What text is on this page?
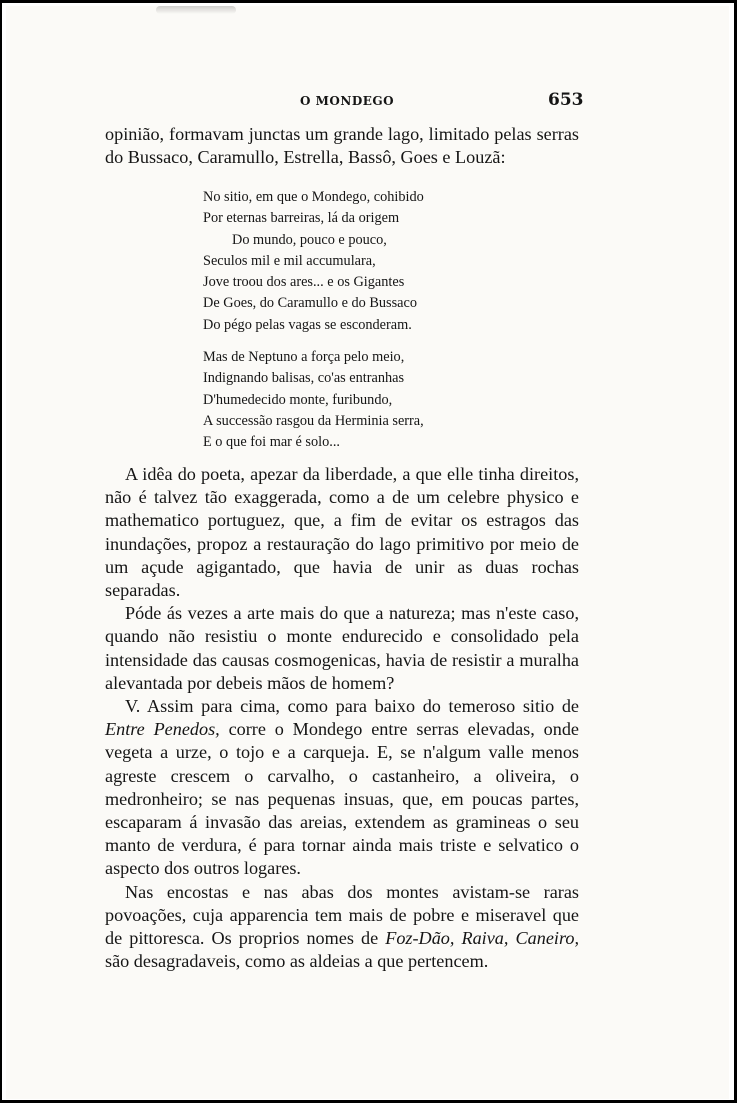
O MONDEGO	653
opinião, formavam junctas um grande lago, limitado pelas serras
do Bussaco, Caramullo, Estrella, Bassô, Goes e Louzã:
No sitio, em que o Mondego, cohibido
Por eternas barreiras, lá da origem
Do mundo, pouco e pouco,
Seculos mil e mil accumulara,
Jove troou dos ares... e os Gigantes
De Goes, do Caramullo e do Bussaco
Do pégo pelas vagas se esconderam.
Mas de Neptuno a força pelo meio,
Indignando balisas, co'as entranhas
D'humedecido monte, furibundo,
A successão rasgou da Herminia serra,
E o que foi mar é solo...

A idêa do poeta, apezar da liberdade, a que elle tinha direitos, não é talvez tão exaggerada, como a de um celebre physico e mathematico portuguez, que, a fim de evitar os estragos das inundações, propoz a restauração do lago primitivo por meio de um açude agigantado, que havia de unir as duas rochas separadas.

Póde ás vezes a arte mais do que a natureza; mas n'este caso, quando não resistiu o monte endurecido e consolidado pela intensidade das causas cosmogenicas, havia de resistir a muralha alevantada por debeis mãos de homem?

V. Assim para cima, como para baixo do temeroso sitio de Entre Penedos, corre o Mondego entre serras elevadas, onde vegeta a urze, o tojo e a carqueja. E, se n'algum valle menos agreste crescem o carvalho, o castanheiro, a oliveira, o medronheiro; se nas pequenas insuas, que, em poucas partes, escaparam á invasão das areias, extendem as gramineas o seu manto de verdura, é para tornar ainda mais triste e selvatico o aspecto dos outros logares.

Nas encostas e nas abas dos montes avistam-se raras povoações, cuja apparencia tem mais de pobre e miseravel que de pittoresca. Os proprios nomes de Foz-Dão, Raiva, Caneiro, são desagradaveis, como as aldeias a que pertencem.
